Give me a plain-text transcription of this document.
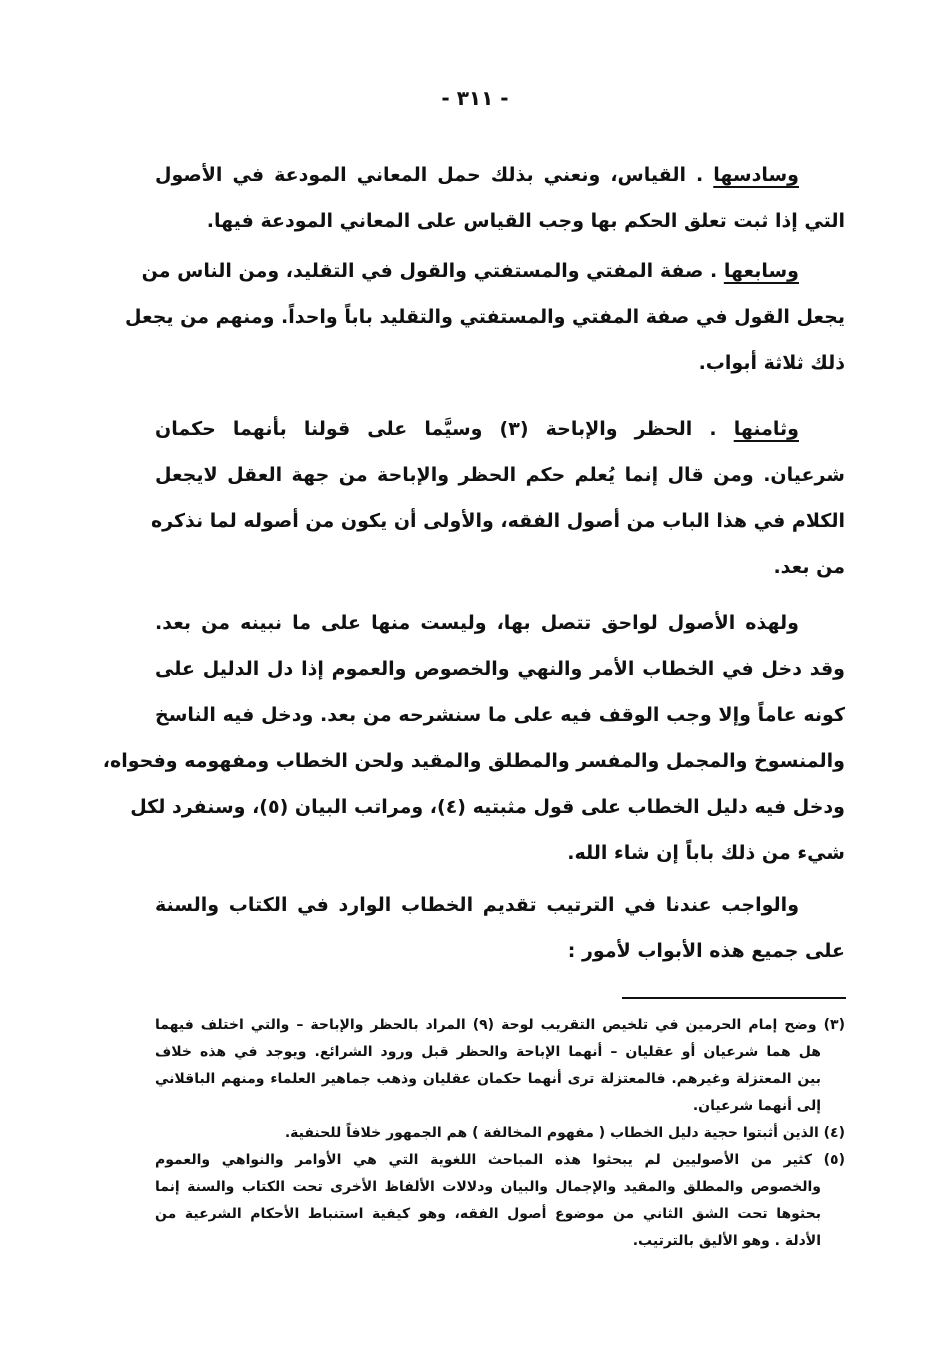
- ٣١١ -
وسادسها . القياس، ونعني بذلك حمل المعاني المودعة في الأصول
التي إذا ثبت تعلق الحكم بها وجب القياس على المعاني المودعة فيها.
وسابعها . صفة المفتي والمستفتي والقول في التقليد، ومن الناس من
يجعل القول في صفة المفتي والمستفتي والتقليد باباً واحداً. ومنهم من يجعل
ذلك ثلاثة أبواب.
وثامنها . الحظر والإباحة (٣) وسيَّما على قولنا بأنهما حكمان
شرعيان. ومن قال إنما يُعلم حكم الحظر والإباحة من جهة العقل لايجعل
الكلام في هذا الباب من أصول الفقه، والأولى أن يكون من أصوله لما نذكره
من بعد.
ولهذه الأصول لواحق تتصل بها، وليست منها على ما نبينه من بعد.
وقد دخل في الخطاب الأمر والنهي والخصوص والعموم إذا دل الدليل على
كونه عاماً وإلا وجب الوقف فيه على ما سنشرحه من بعد. ودخل فيه الناسخ
والمنسوخ والمجمل والمفسر والمطلق والمقيد ولحن الخطاب ومفهومه وفحواه،
ودخل فيه دليل الخطاب على قول مثبتيه (٤)، ومراتب البيان (٥)، وسنفرد لكل
شيء من ذلك باباً إن شاء الله.
والواجب عندنا في الترتيب تقديم الخطاب الوارد في الكتاب والسنة
على جميع هذه الأبواب لأمور :
(٣) وضح إمام الحرمين في تلخيص التقريب لوحة (٩) المراد بالحظر والإباحة – والتي اختلف فيهما
هل هما شرعيان أو عقليان – أنهما الإباحة والحظر قبل ورود الشرائع. ويوجد في هذه خلاف
بين المعتزلة وغيرهم. فالمعتزلة ترى أنهما حكمان عقليان وذهب جماهير العلماء ومنهم الباقلاني
إلى أنهما شرعيان.
(٤) الذين أثبتوا حجية دليل الخطاب ( مفهوم المخالفة ) هم الجمهور خلافاً للحنفية.
(٥) كثير من الأصوليين لم يبحثوا هذه المباحث اللغوية التي هي الأوامر والنواهي والعموم
والخصوص والمطلق والمقيد والإجمال والبيان ودلالات الألفاظ الأخرى تحت الكتاب والسنة إنما
بحثوها تحت الشق الثاني من موضوع أصول الفقه، وهو كيفية استنباط الأحكام الشرعية من
الأدلة . وهو الأليق بالترتيب.
